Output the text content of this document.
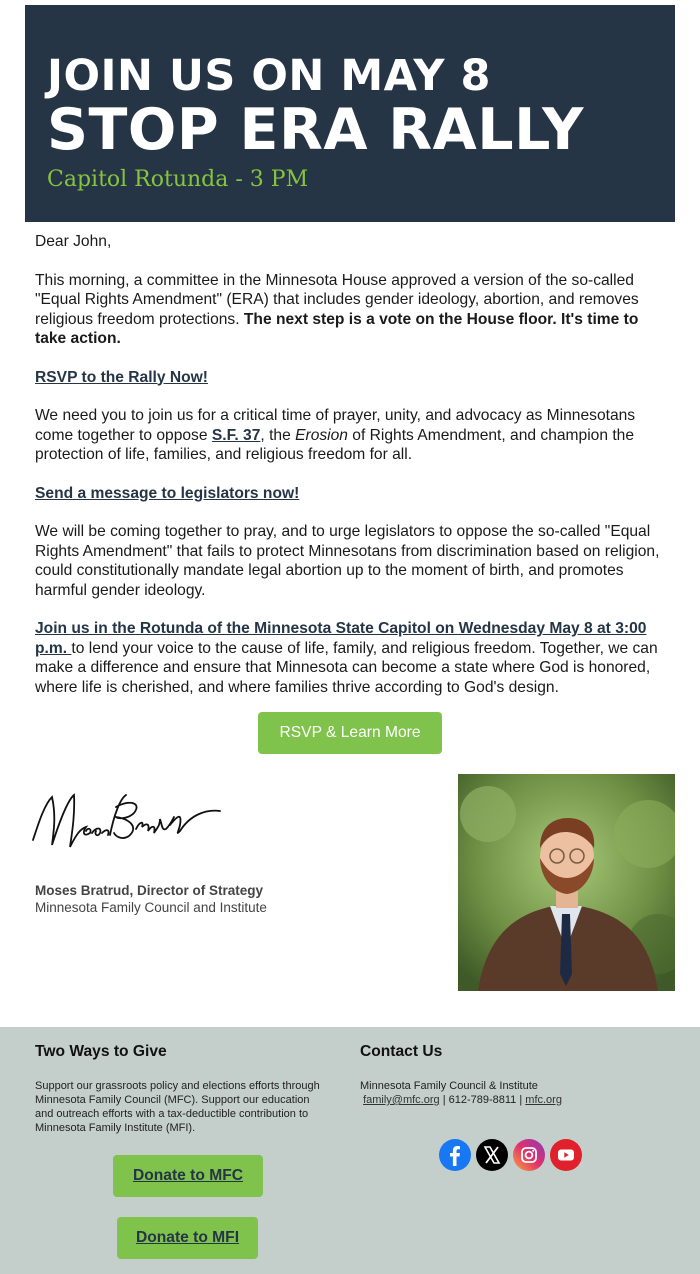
JOIN US ON MAY 8
STOP ERA RALLY
Capitol Rotunda - 3 PM

Dear John,

This morning, a committee in the Minnesota House approved a version of the so-called "Equal Rights Amendment" (ERA) that includes gender ideology, abortion, and removes religious freedom protections. The next step is a vote on the House floor. It's time to take action.

RSVP to the Rally Now!

We need you to join us for a critical time of prayer, unity, and advocacy as Minnesotans come together to oppose S.F. 37, the Erosion of Rights Amendment, and champion the protection of life, families, and religious freedom for all.

Send a message to legislators now!

We will be coming together to pray, and to urge legislators to oppose the so-called "Equal Rights Amendment" that fails to protect Minnesotans from discrimination based on religion, could constitutionally mandate legal abortion up to the moment of birth, and promotes harmful gender ideology.

Join us in the Rotunda of the Minnesota State Capitol on Wednesday May 8 at 3:00 p.m. to lend your voice to the cause of life, family, and religious freedom. Together, we can make a difference and ensure that Minnesota can become a state where God is honored, where life is cherished, and where families thrive according to God's design.

RSVP & Learn More
Moses Bratrud, Director of Strategy
Minnesota Family Council and Institute
Two Ways to Give
Support our grassroots policy and elections efforts through Minnesota Family Council (MFC). Support our education and outreach efforts with a tax-deductible contribution to Minnesota Family Institute (MFI).
Donate to MFC
Donate to MFI
Contact Us
Minnesota Family Council & Institute
family@mfc.org | 612-789-8811 | mfc.org
